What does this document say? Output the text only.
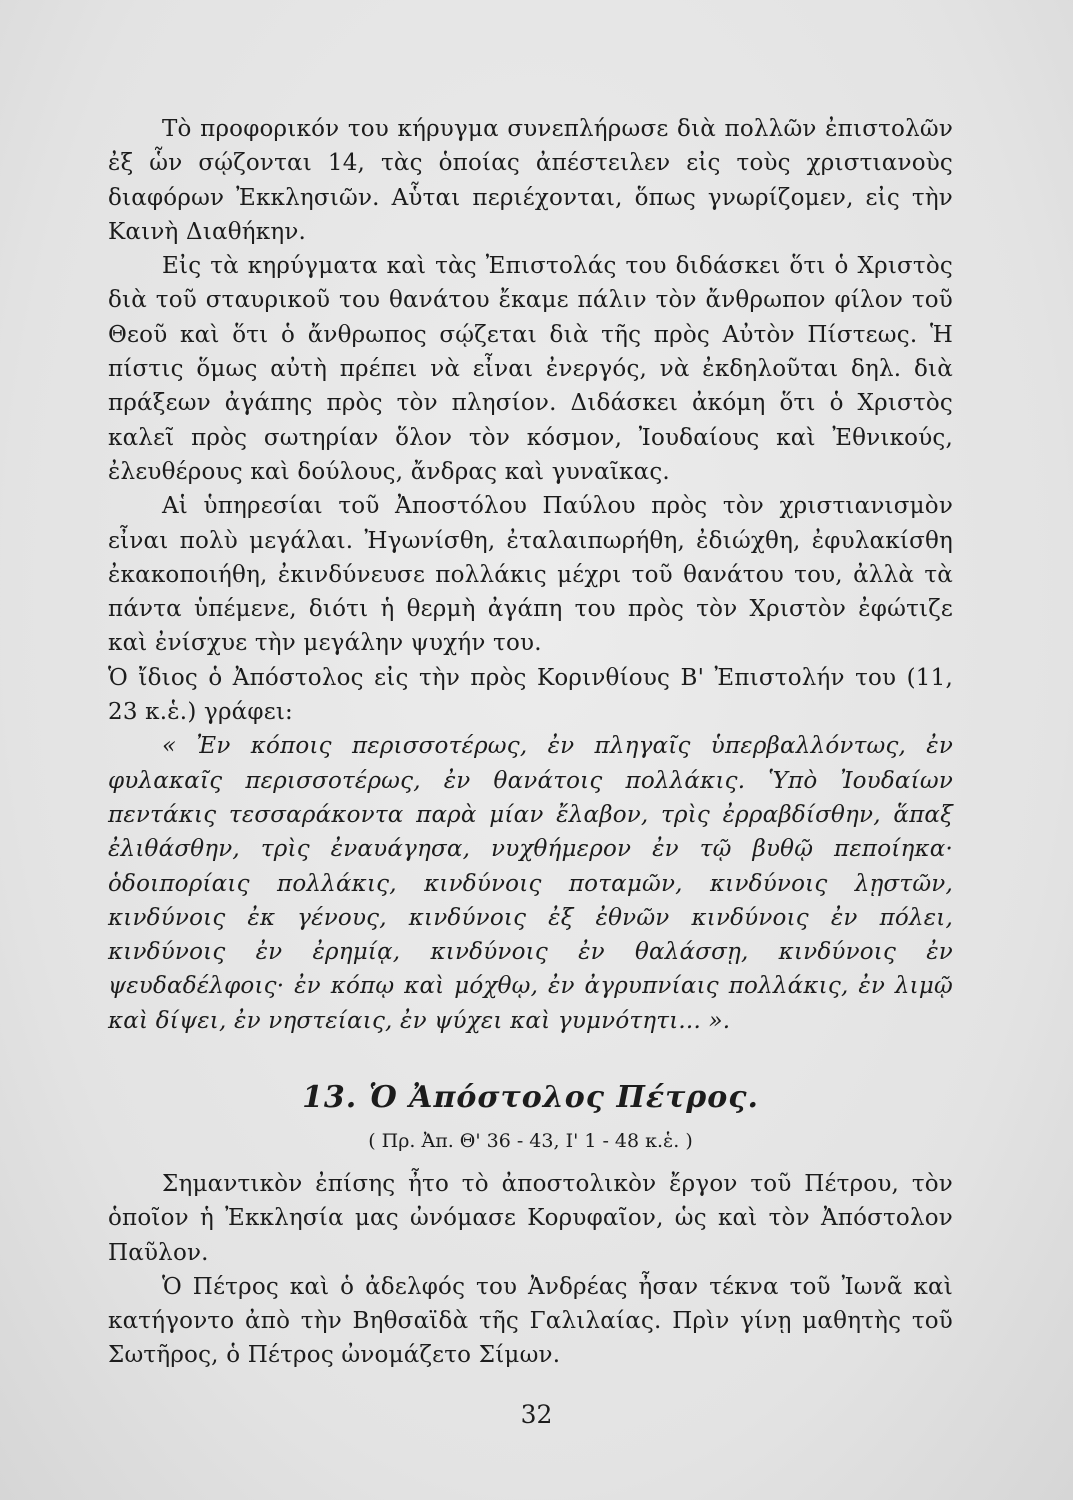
Τὸ προφορικόν του κήρυγμα συνεπλήρωσε διὰ πολλῶν ἐπιστολῶν ἐξ ὧν σῴζονται 14, τὰς ὁποίας ἀπέστειλεν εἰς τοὺς χριστιανοὺς διαφόρων Ἐκκλησιῶν. Αὗται περιέχονται, ὅπως γνωρίζομεν, εἰς τὴν Καινὴ Διαθήκην.

Εἰς τὰ κηρύγματα καὶ τὰς Ἐπιστολάς του διδάσκει ὅτι ὁ Χριστὸς διὰ τοῦ σταυρικοῦ του θανάτου ἔκαμε πάλιν τὸν ἄνθρωπον φίλον τοῦ Θεοῦ καὶ ὅτι ὁ ἄνθρωπος σῴζεται διὰ τῆς πρὸς Αὐτὸν Πίστεως. Ἡ πίστις ὅμως αὐτὴ πρέπει νὰ εἶναι ἐνεργός, νὰ ἐκδηλοῦται δηλ. διὰ πράξεων ἀγάπης πρὸς τὸν πλησίον. Διδάσκει ἀκόμη ὅτι ὁ Χριστὸς καλεῖ πρὸς σωτηρίαν ὅλον τὸν κόσμον, Ἰουδαίους καὶ Ἐθνικούς, ἐλευθέρους καὶ δούλους, ἄνδρας καὶ γυναῖκας.

Αἱ ὑπηρεσίαι τοῦ Ἀποστόλου Παύλου πρὸς τὸν χριστιανισμὸν εἶναι πολὺ μεγάλαι. Ἠγωνίσθη, ἐταλαιπωρήθη, ἐδιώχθη, ἐφυλακίσθη ἐκακοποιήθη, ἐκινδύνευσε πολλάκις μέχρι τοῦ θανάτου του, ἀλλὰ τὰ πάντα ὑπέμενε, διότι ἡ θερμὴ ἀγάπη του πρὸς τὸν Χριστὸν ἐφώτιζε καὶ ἐνίσχυε τὴν μεγάλην ψυχήν του.

Ὁ ἴδιος ὁ Ἀπόστολος εἰς τὴν πρὸς Κορινθίους Β' Ἐπιστολήν του (11, 23 κ.ἑ.) γράφει:

« Ἐν κόποις περισσοτέρως, ἐν πληγαῖς ὑπερβαλλόντως, ἐν φυλακαῖς περισσοτέρως, ἐν θανάτοις πολλάκις. Ὑπὸ Ἰουδαίων πεντάκις τεσσαράκοντα παρὰ μίαν ἔλαβον, τρὶς ἐρραβδίσθην, ἅπαξ ἐλιθάσθην, τρὶς ἐναυάγησα, νυχθήμερον ἐν τῷ βυθῷ πεποίηκα· ὁδοιπορίαις πολλάκις, κινδύνοις ποταμῶν, κινδύνοις λῃστῶν, κινδύνοις ἐκ γένους, κινδύνοις ἐξ ἐθνῶν κινδύνοις ἐν πόλει, κινδύνοις ἐν ἐρημίᾳ, κινδύνοις ἐν θαλάσσῃ, κινδύνοις ἐν ψευδαδέλφοις· ἐν κόπῳ καὶ μόχθῳ, ἐν ἀγρυπνίαις πολλάκις, ἐν λιμῷ καὶ δίψει, ἐν νηστείαις, ἐν ψύχει καὶ γυμνότητι... ».

13. Ὁ Ἀπόστολος Πέτρος.
( Πρ. Ἀπ. Θ' 36 - 43, Ι' 1 - 48 κ.ἑ. )

Σημαντικὸν ἐπίσης ἦτο τὸ ἀποστολικὸν ἔργον τοῦ Πέτρου, τὸν ὁποῖον ἡ Ἐκκλησία μας ὠνόμασε Κορυφαῖον, ὡς καὶ τὸν Ἀπόστολον Παῦλον.

Ὁ Πέτρος καὶ ὁ ἀδελφός του Ἀνδρέας ἦσαν τέκνα τοῦ Ἰωνᾶ καὶ κατήγοντο ἀπὸ τὴν Βηθσαϊδὰ τῆς Γαλιλαίας. Πρὶν γίνῃ μαθητὴς τοῦ Σωτῆρος, ὁ Πέτρος ὠνομάζετο Σίμων.

32
